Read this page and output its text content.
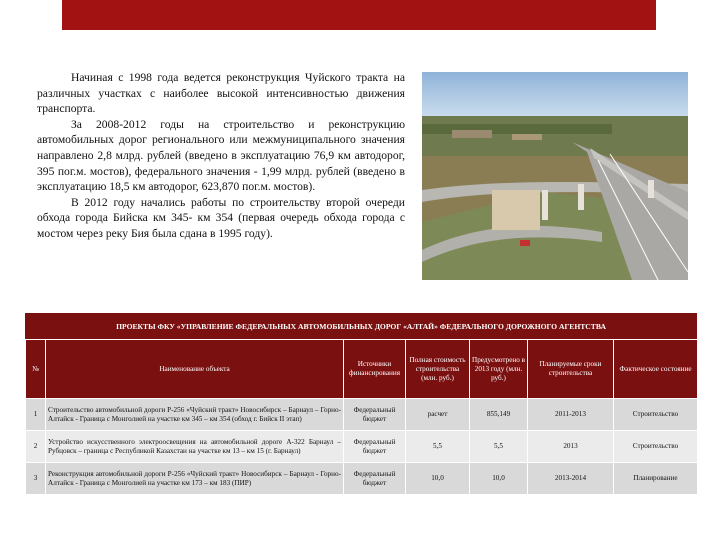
Начиная с 1998 года ведется реконструкция Чуйского тракта на различных участках с наиболее высокой интенсивностью движения транспорта.

За 2008-2012 годы на строительство и реконструкцию автомобильных дорог регионального или межмуниципального значения направлено 2,8 млрд. рублей (введено в эксплуатацию 76,9 км автодорог, 395 пог.м. мостов), федерального значения - 1,99 млрд. рублей (введено в эксплуатацию 18,5 км автодорог, 623,870 пог.м. мостов).

В 2012 году начались работы по строительству второй очереди обхода города Бийска км 345- км 354 (первая очередь обхода города с мостом через реку Бия была сдана в 1995 году).

ПРОЕКТЫ ФКУ «УПРАВЛЕНИЕ ФЕДЕРАЛЬНЫХ АВТОМОБИЛЬНЫХ ДОРОГ «АЛТАЙ» ФЕДЕРАЛЬНОГО ДОРОЖНОГО АГЕНТСТВА
№	Наименование объекта	Источники финансирования	Полная стоимость строительства (млн. руб.)	Предусмотрено в 2013 году (млн. руб.)	Планируемые сроки строительства	Фактическое состояние
1	Строительство автомобильной дороги Р-256 «Чуйский тракт» Новосибирск – Барнаул – Горно-Алтайск - Граница с Монголией на участке км 345 – км 354 (обход г. Бийск II этап)	Федеральный бюджет	расчет	855,149	2011-2013	Строительство
2	Устройство искусственного электроосвещения на автомобильной дороге А-322 Барнаул – Рубцовск – граница с Республикой Казахстан на участке км 13 – км 15 (г. Барнаул)	Федеральный бюджет	5,5	5,5	2013	Строительство
3	Реконструкция автомобильной дороги Р-256 «Чуйский тракт» Новосибирск – Барнаул - Горно-Алтайск - Граница с Монголией на участке км 173 – км 183 (ПИР)	Федеральный бюджет	10,0	10,0	2013-2014	Планирование
